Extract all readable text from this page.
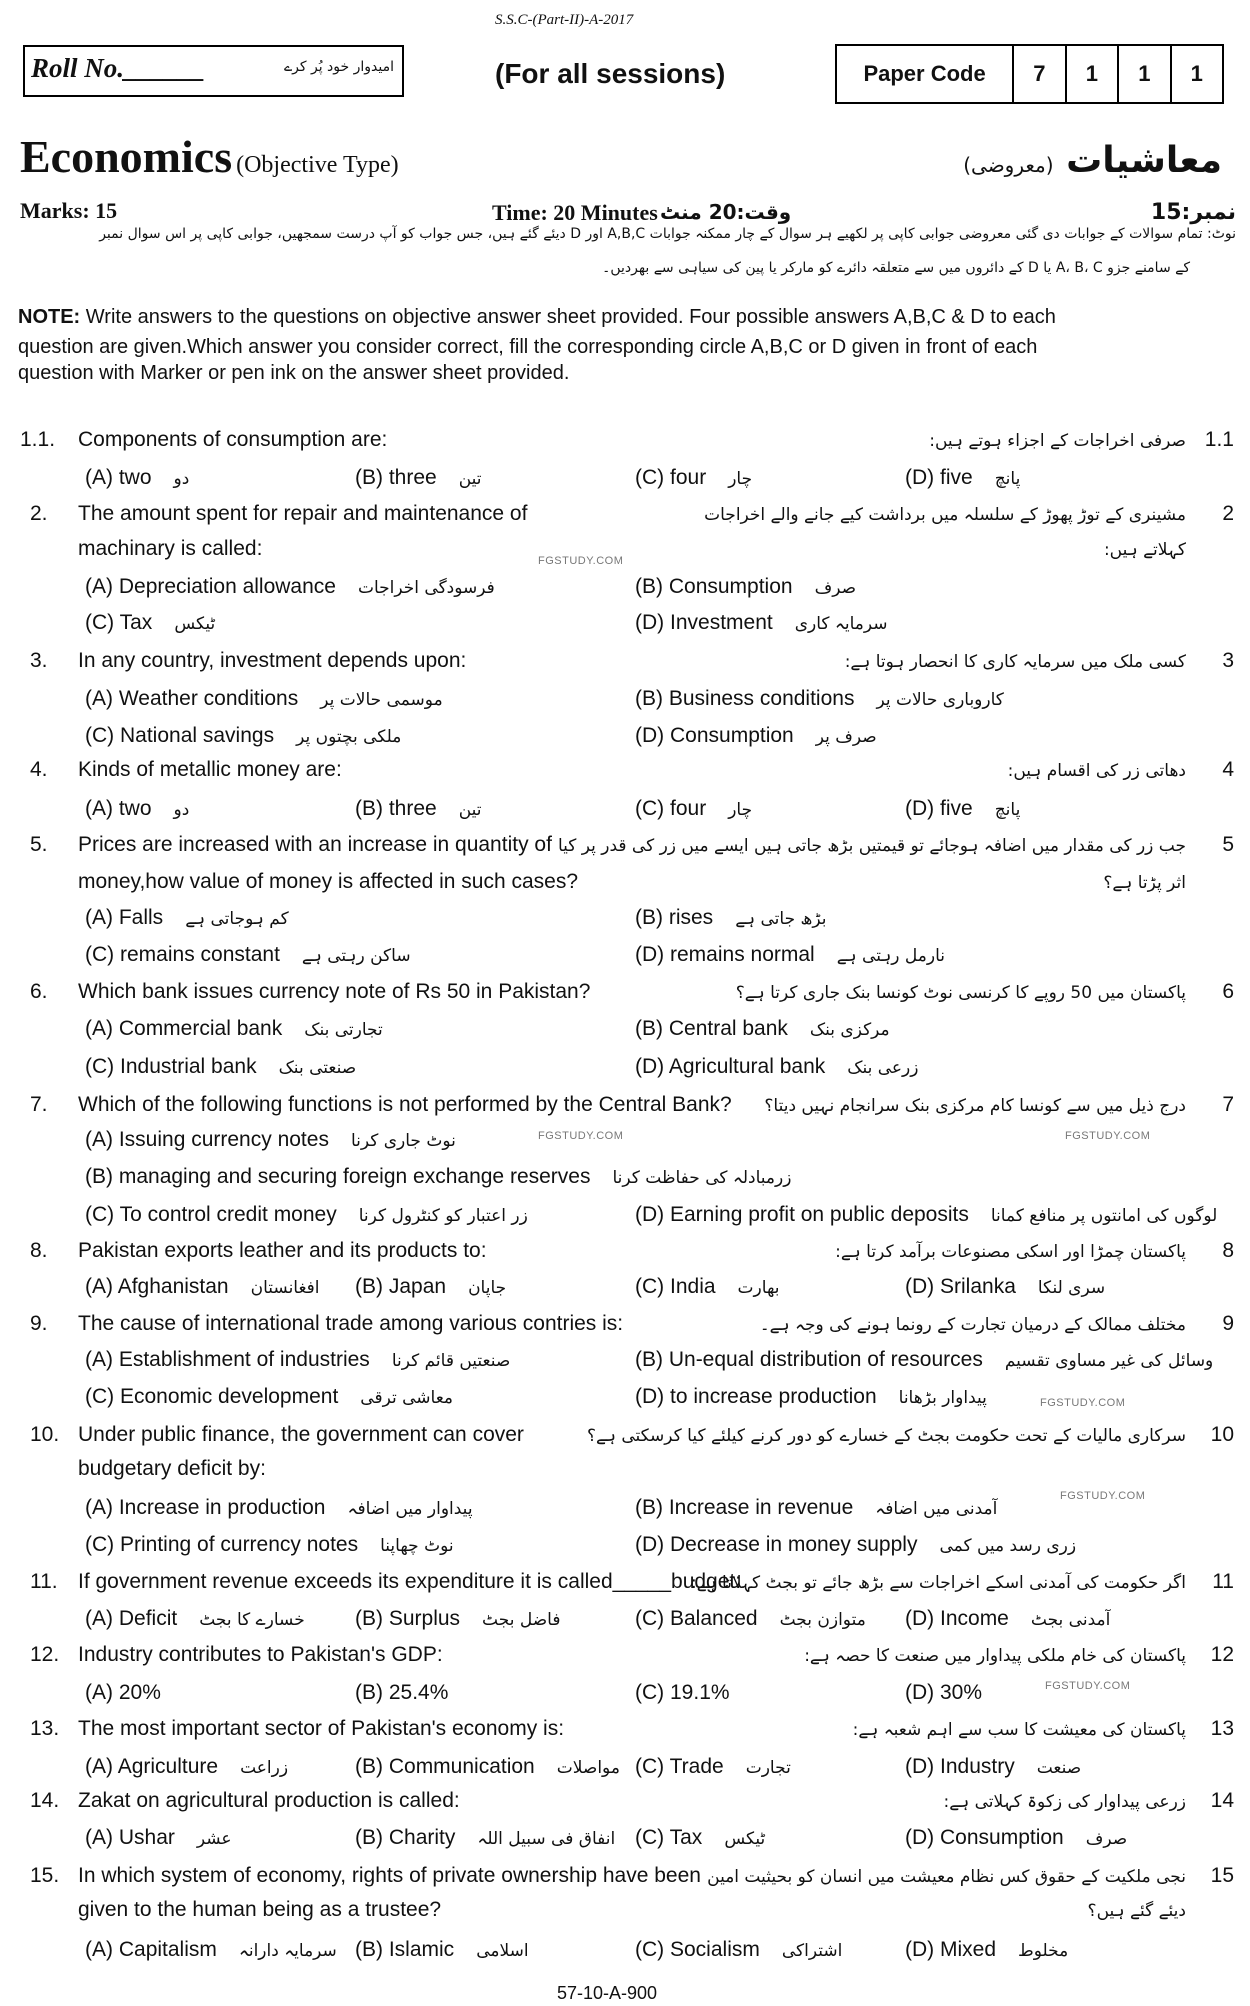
S.S.C-(Part-II)-A-2017
Roll No.______	امیدوار خود پُر کرے	(For all sessions)	Paper Code	7	1	1	1
Economics (Objective Type)	معاشیات (معروضی)
Marks: 15	Time: 20 Minutes وقت:20 منٹ	نمبر:15
نوٹ: تمام سوالات کے جوابات دی گئی معروضی جوابی کاپی پر لکھیے ہر سوال کے چار ممکنہ جوابات A,B,C اور D دیئے گئے ہیں، جس جواب کو آپ درست سمجھیں، جوابی کاپی پر اس سوال نمبر
کے سامنے جزو A، B، C یا D کے دائروں میں سے متعلقہ دائرے کو مارکر یا پین کی سیاہی سے بھردیں۔
NOTE: Write answers to the questions on objective answer sheet provided. Four possible answers A,B,C & D to each
question are given.Which answer you consider correct, fill the corresponding circle A,B,C or D given in front of each
question with Marker or pen ink on the answer sheet provided.
FGSTUDY.COM
FGSTUDY.COM	FGSTUDY.COM
FGSTUDY.COM
FGSTUDY.COM
FGSTUDY.COM
1.1. Components of consumption are:	1.1
صرفی اخراجات کے اجزاء ہوتے ہیں:
(A) two دو	(B) three تین	(C) four چار	(D) five پانچ
2. The amount spent for repair and maintenance of
machinary is called:
2
مشینری کے توڑ پھوڑ کے سلسلہ میں برداشت کیے جانے والے اخراجات
کہلاتے ہیں:
(A) Depreciation allowance فرسودگی اخراجات	(B) Consumption صرف
(C) Tax ٹیکس	(D) Investment سرمایہ کاری
3. In any country, investment depends upon:	3
کسی ملک میں سرمایہ کاری کا انحصار ہوتا ہے:
(A) Weather conditions موسمی حالات پر	(B) Business conditions کاروباری حالات پر
(C) National savings ملکی بچتوں پر	(D) Consumption صرف پر
4. Kinds of metallic money are:	4
دھاتی زر کی اقسام ہیں:
(A) two دو	(B) three تین	(C) four چار	(D) five پانچ
5. Prices are increased with an increase in quantity of
money,how value of money is affected in such cases?
5
جب زر کی مقدار میں اضافہ ہوجائے تو قیمتیں بڑھ جاتی ہیں ایسے میں زر کی قدر پر کیا
اثر پڑتا ہے؟
(A) Falls کم ہوجاتی ہے	(B) rises بڑھ جاتی ہے
(C) remains constant ساکن رہتی ہے	(D) remains normal نارمل رہتی ہے
6. Which bank issues currency note of Rs 50 in Pakistan?	6
پاکستان میں 50 روپے کا کرنسی نوٹ کونسا بنک جاری کرتا ہے؟
(A) Commercial bank تجارتی بنک	(B) Central bank مرکزی بنک
(C) Industrial bank صنعتی بنک	(D) Agricultural bank زرعی بنک
7. Which of the following functions is not performed by the Central Bank?	7
درج ذیل میں سے کونسا کام مرکزی بنک سرانجام نہیں دیتا؟
(A) Issuing currency notes نوٹ جاری کرنا
(B) managing and securing foreign exchange reserves زرمبادلہ کی حفاظت کرنا
(C) To control credit money زر اعتبار کو کنٹرول کرنا	(D) Earning profit on public deposits لوگوں کی امانتوں پر منافع کمانا
8. Pakistan exports leather and its products to:	8
پاکستان چمڑا اور اسکی مصنوعات برآمد کرتا ہے:
(A) Afghanistan افغانستان (B) Japan جاپان	(C) India بھارت	(D) Srilanka سری لنکا
9. The cause of international trade among various contries is:	9
مختلف ممالک کے درمیان تجارت کے رونما ہونے کی وجہ ہے۔
(A) Establishment of industries صنعتیں قائم کرنا	(B) Un-equal distribution of resources وسائل کی غیر مساوی تقسیم
(C) Economic development معاشی ترقی	(D) to increase production پیداوار بڑھانا
10. Under public finance, the government can cover
budgetary deficit by:
10
سرکاری مالیات کے تحت حکومت بجٹ کے خسارے کو دور کرنے کیلئے کیا کرسکتی ہے؟
(A) Increase in production پیداوار میں اضافہ	(B) Increase in revenue آمدنی میں اضافہ
(C) Printing of currency notes نوٹ چھاپنا	(D) Decrease in money supply زری رسد میں کمی
11. If government revenue exceeds its expenditure it is called_____budget:	11
اگر حکومت کی آمدنی اسکے اخراجات سے بڑھ جائے تو بجٹ کہلاتا ہے:
(A) Deficit خسارے کا بجٹ (B) Surplus فاضل بجٹ	(C) Balanced متوازن بجٹ (D) Income آمدنی بجٹ
12. Industry contributes to Pakistan's GDP:	12
پاکستان کی خام ملکی پیداوار میں صنعت کا حصہ ہے:
(A) 20%	(B) 25.4%	(C) 19.1%	(D) 30%
13. The most important sector of Pakistan's economy is:	13
پاکستان کی معیشت کا سب سے اہم شعبہ ہے:
(A) Agriculture زراعت	(B) Communication مواصلات (C) Trade تجارت	(D) Industry صنعت
14. Zakat on agricultural production is called:	14
زرعی پیداوار کی زکوۃ کہلاتی ہے:
(A) Ushar عشر	(B) Charity انفاق فی سبیل اللہ (C) Tax ٹیکس	(D) Consumption صرف
15. In which system of economy, rights of private ownership have been
given to the human being as a trustee?
15
نجی ملکیت کے حقوق کس نظام معیشت میں انسان کو بحیثیت امین
دیئے گئے ہیں؟
(A) Capitalism سرمایہ دارانہ (B) Islamic اسلامی	(C) Socialism اشتراکی	(D) Mixed مخلوط
57-10-A-900
